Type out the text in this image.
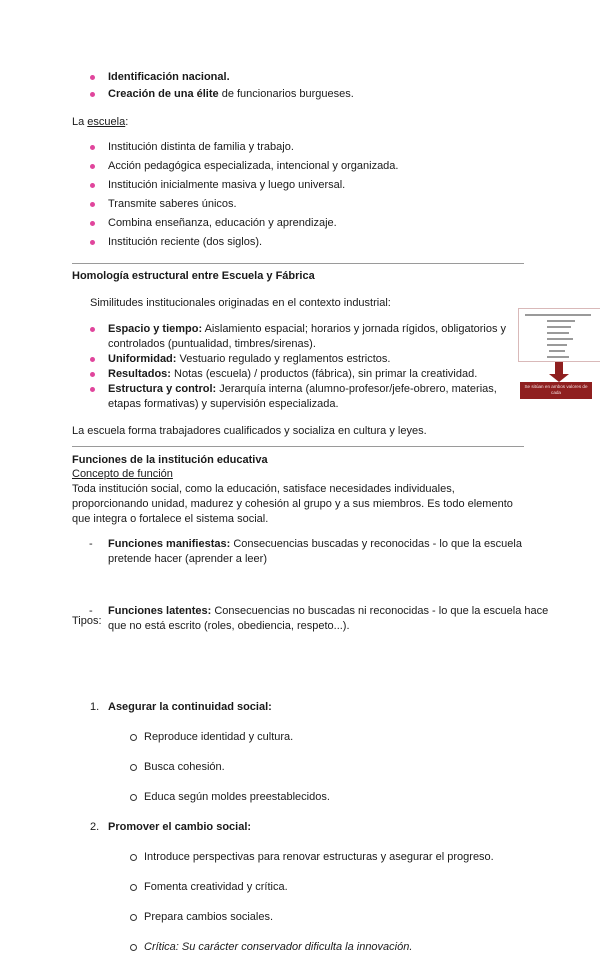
Identificación nacional.
Creación de una élite de funcionarios burgueses.
La escuela:
Institución distinta de familia y trabajo.
Acción pedagógica especializada, intencional y organizada.
Institución inicialmente masiva y luego universal.
Transmite saberes únicos.
Combina enseñanza, educación y aprendizaje.
Institución reciente (dos siglos).
Homología estructural entre Escuela y Fábrica
Similitudes institucionales originadas en el contexto industrial:
Espacio y tiempo: Aislamiento espacial; horarios y jornada rígidos, obligatorios y controlados (puntualidad, timbres/sirenas).
Uniformidad: Vestuario regulado y reglamentos estrictos.
Resultados: Notas (escuela) / productos (fábrica), sin primar la creatividad.
Estructura y control: Jerarquía interna (alumno-profesor/jefe-obrero, materias, etapas formativas) y supervisión especializada.
La escuela forma trabajadores cualificados y socializa en cultura y leyes.
Se sitúan en ambos valores de cada
Funciones de la institución educativa
Concepto de función
Toda institución social, como la educación, satisface necesidades individuales, proporcionando unidad, madurez y cohesión al grupo y a sus miembros. Es todo elemento que integra o fortalece el sistema social.
- Funciones manifiestas: Consecuencias buscadas y reconocidas - lo que la escuela pretende hacer (aprender a leer)
- Funciones latentes: Consecuencias no buscadas ni reconocidas - lo que la escuela hace que no está escrito (roles, obediencia, respeto...).
Tipos:
1. Asegurar la continuidad social:
Reproduce identidad y cultura.
Busca cohesión.
Educa según moldes preestablecidos.
2. Promover el cambio social:
Introduce perspectivas para renovar estructuras y asegurar el progreso.
Fomenta creatividad y crítica.
Prepara cambios sociales.
Crítica: Su carácter conservador dificulta la innovación.
